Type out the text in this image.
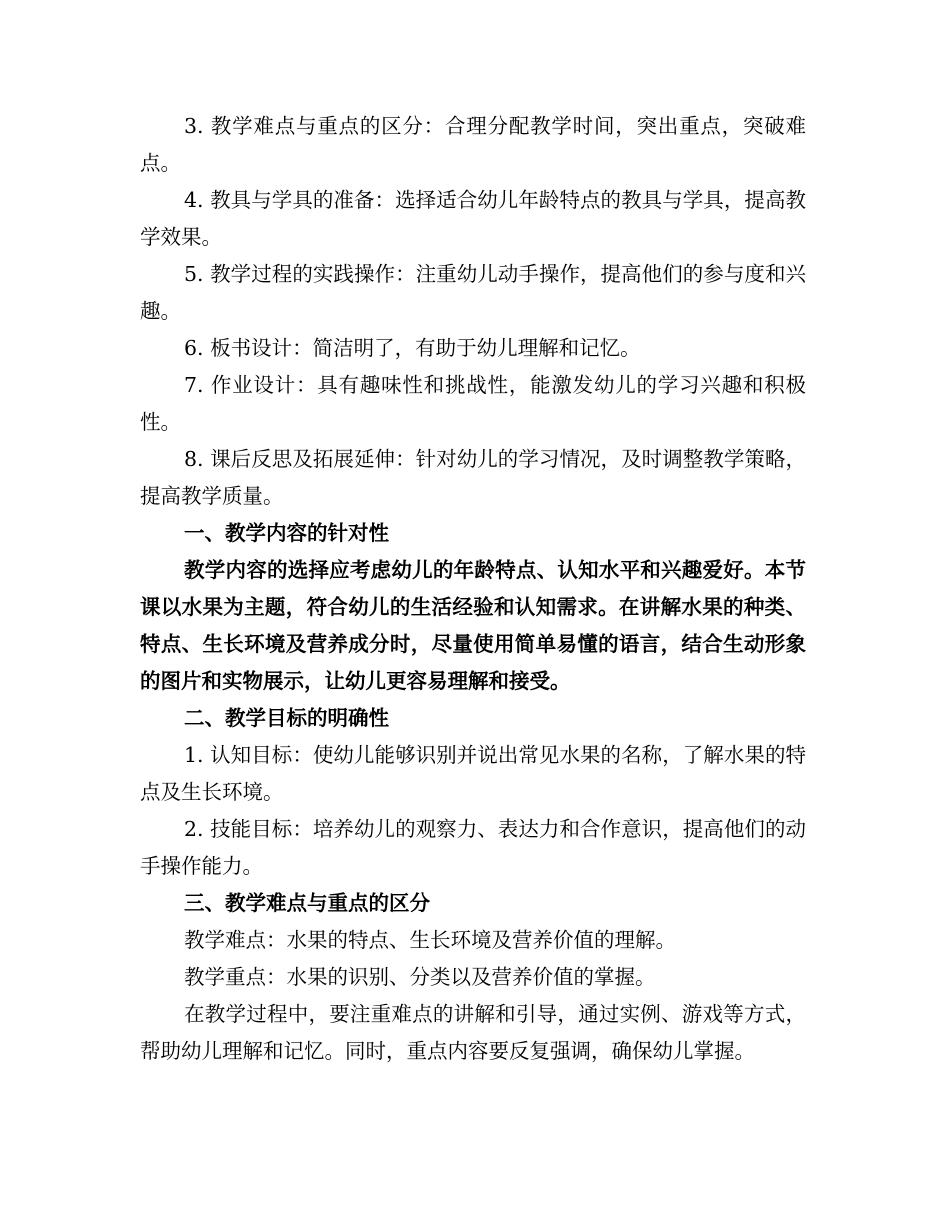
3. 教学难点与重点的区分：合理分配教学时间，突出重点，突破难点。

4. 教具与学具的准备：选择适合幼儿年龄特点的教具与学具，提高教学效果。

5. 教学过程的实践操作：注重幼儿动手操作，提高他们的参与度和兴趣。

6. 板书设计：简洁明了，有助于幼儿理解和记忆。

7. 作业设计：具有趣味性和挑战性，能激发幼儿的学习兴趣和积极性。

8. 课后反思及拓展延伸：针对幼儿的学习情况，及时调整教学策略，提高教学质量。

一、教学内容的针对性

教学内容的选择应考虑幼儿的年龄特点、认知水平和兴趣爱好。本节课以水果为主题，符合幼儿的生活经验和认知需求。在讲解水果的种类、特点、生长环境及营养成分时，尽量使用简单易懂的语言，结合生动形象的图片和实物展示，让幼儿更容易理解和接受。

二、教学目标的明确性

1. 认知目标：使幼儿能够识别并说出常见水果的名称，了解水果的特点及生长环境。

2. 技能目标：培养幼儿的观察力、表达力和合作意识，提高他们的动手操作能力。

三、教学难点与重点的区分

教学难点：水果的特点、生长环境及营养价值的理解。

教学重点：水果的识别、分类以及营养价值的掌握。

在教学过程中，要注重难点的讲解和引导，通过实例、游戏等方式，帮助幼儿理解和记忆。同时，重点内容要反复强调，确保幼儿掌握。
